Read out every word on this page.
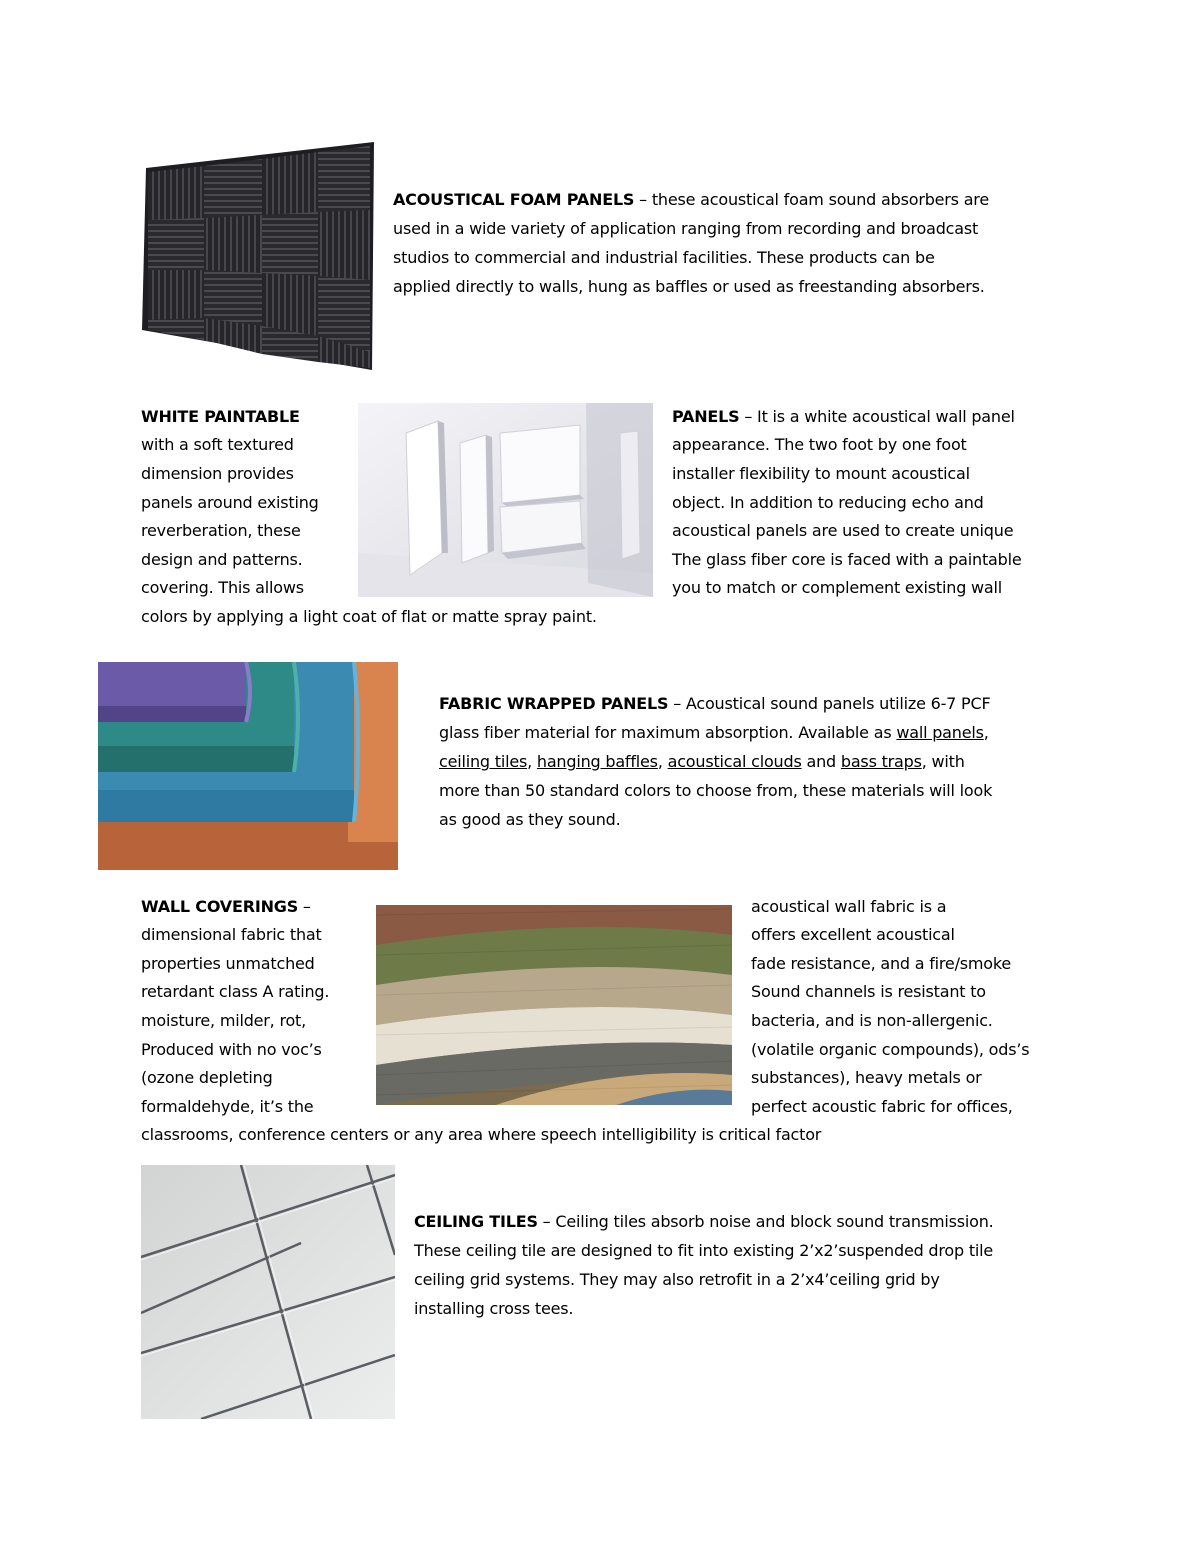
ACOUSTICAL FOAM PANELS – these acoustical foam sound absorbers are
used in a wide variety of application ranging from recording and broadcast
studios to commercial and industrial facilities. These products can be
applied directly to walls, hung as baffles or used as freestanding absorbers.
WHITE PAINTABLE
with a soft textured
dimension provides
panels around existing
reverberation, these
design and patterns.
covering. This allows
PANELS – It is a white acoustical wall panel
appearance. The two foot by one foot
installer flexibility to mount acoustical
object. In addition to reducing echo and
acoustical panels are used to create unique
The glass fiber core is faced with a paintable
you to match or complement existing wall
colors by applying a light coat of flat or matte spray paint.
FABRIC WRAPPED PANELS – Acoustical sound panels utilize 6-7 PCF
glass fiber material for maximum absorption. Available as wall panels,
ceiling tiles, hanging baffles, acoustical clouds and bass traps, with
more than 50 standard colors to choose from, these materials will look
as good as they sound.
WALL COVERINGS –
dimensional fabric that
properties unmatched
retardant class A rating.
moisture, milder, rot,
Produced with no voc’s
(ozone depleting
formaldehyde, it’s the
acoustical wall fabric is a
offers excellent acoustical
fade resistance, and a fire/smoke
Sound channels is resistant to
bacteria, and is non-allergenic.
(volatile organic compounds), ods’s
substances), heavy metals or
perfect acoustic fabric for offices,
classrooms, conference centers or any area where speech intelligibility is critical factor
CEILING TILES – Ceiling tiles absorb noise and block sound transmission.
These ceiling tile are designed to fit into existing 2’x2’suspended drop tile
ceiling grid systems. They may also retrofit in a 2’x4’ceiling grid by
installing cross tees.
